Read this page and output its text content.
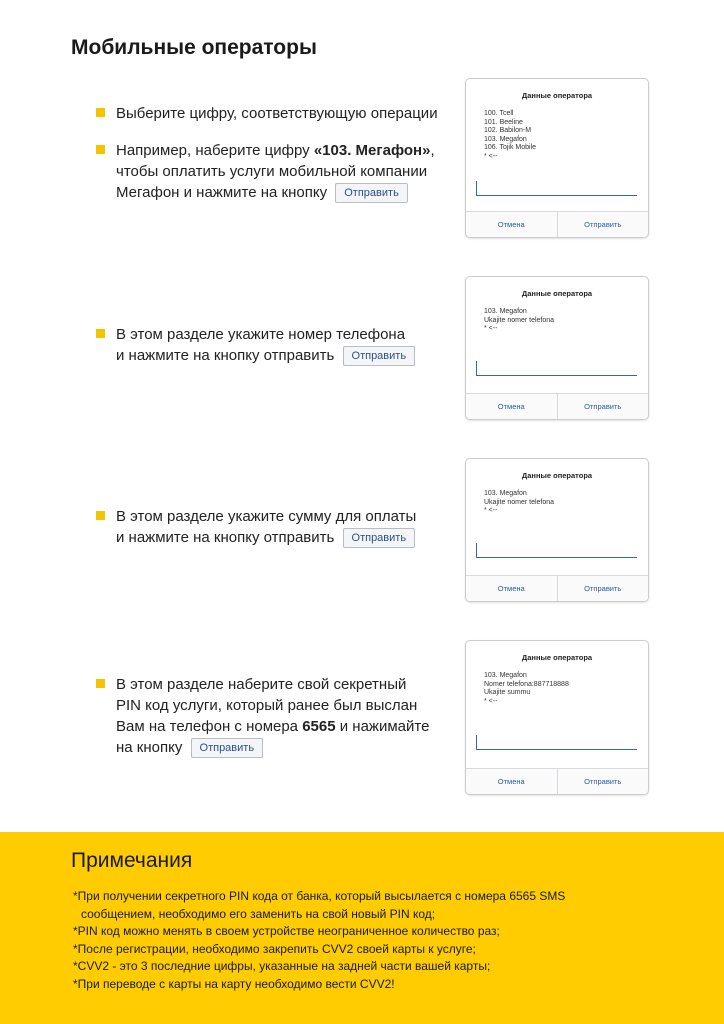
Мобильные операторы
Выберите цифру, соответствующую операции
Например, наберите цифру «103. Мегафон»,
чтобы оплатить услуги мобильной компании
Мегафон и нажмите на кнопку Отправить
Данные оператора
100. Tcell
101. Beeline
102. Babilon-M
103. Megafon
106. Tojik Mobile
* <--
Отмена	Отправить
В этом разделе укажите номер телефона
и нажмите на кнопку отправить Отправить
Данные оператора
103. Megafon
Ukajite nomer telefona
* <--
Отмена	Отправить
В этом разделе укажите сумму для оплаты
и нажмите на кнопку отправить Отправить
Данные оператора
103. Megafon
Ukajite nomer telefona
* <--
Отмена	Отправить
В этом разделе наберите свой секретный
PIN код услуги, который ранее был выслан
Вам на телефон с номера 6565 и нажимайте
на кнопку Отправить
Данные оператора
103. Megafon
Nomer telefona:887718888
Ukajite summu
* <--
Отмена	Отправить
Примечания
*При получении секретного PIN кода от банка, который высылается с номера 6565 SMS
сообщением, необходимо его заменить на свой новый PIN код;
*PIN код можно менять в своем устройстве неограниченное количество раз;
*После регистрации, необходимо закрепить CVV2 своей карты к услуге;
*CVV2 - это 3 последние цифры, указанные на задней части вашей карты;
*При переводе с карты на карту необходимо вести CVV2!
